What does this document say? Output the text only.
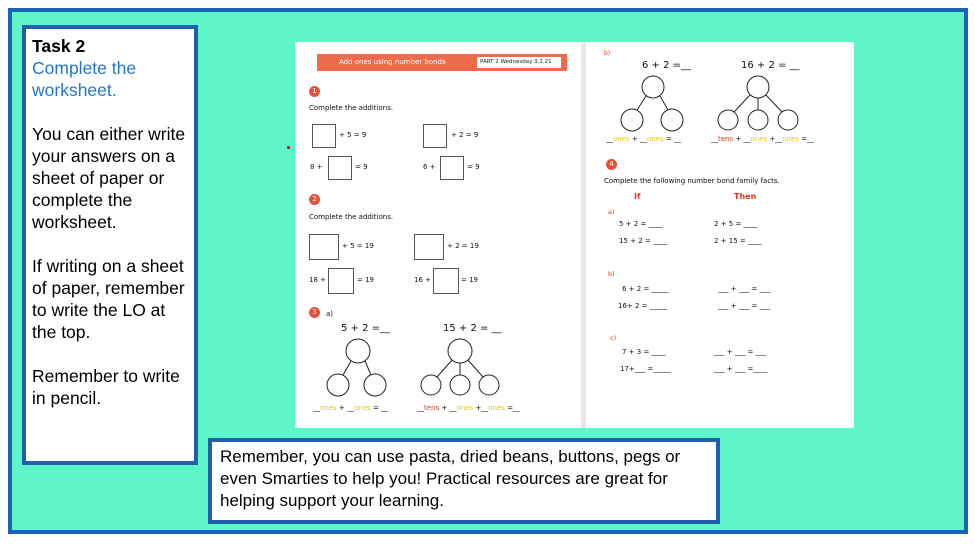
Task 2

Complete the worksheet.

You can either write your answers on a sheet of paper or complete the worksheet.

If writing on a sheet of paper, remember to write the LO at the top.

Remember to write in pencil.

Add ones using number bonds	PART 2 Wednesday 3.2.21
1
Complete the additions.
+ 5 = 9	+ 2 = 9
8 +	= 9	6 +	= 9
2
Complete the additions.
+ 5 = 19	+ 2 = 19
18 +	= 19	16 +	= 19
3	a)
5 + 2 =__	15 + 2 = __
__ones + __ones = __	__tens + __ones +__ones =__
b)
6 + 2 =__	16 + 2 = __
__ones + __ones = __	__tens + __ones +__ones =__
4
Complete the following number bond family facts.
If	Then
a)
5 + 2 = ____	2 + 5 = ____
15 + 2 = ____	2 + 15 = ____
b)
6 + 2 = _____	___ + ___ = ___
16+ 2 = _____	___ + ___ = ___
c)
7 + 3 = ____	___ + ___ = ___
17+___ =_____	___ + ___ =____
Remember, you can use pasta, dried beans, buttons, pegs or even Smarties to help you! Practical resources are great for helping support your learning.
